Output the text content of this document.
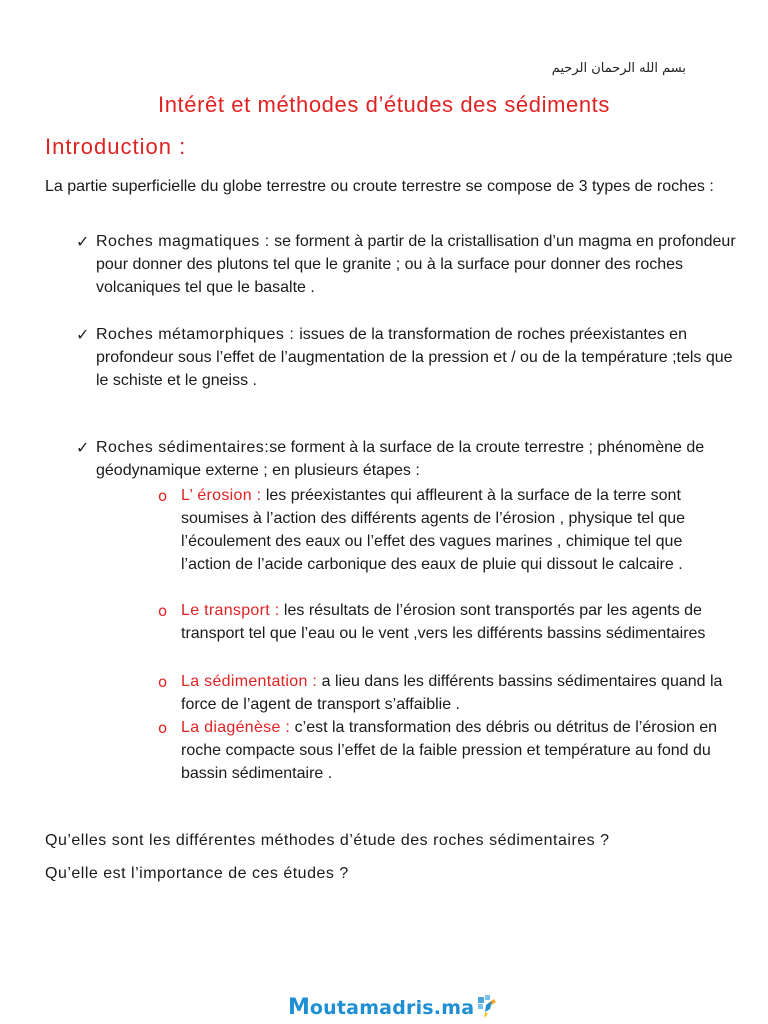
بسم الله الرحمان الرحيم
Intérêt et méthodes d’études des sédiments
Introduction :
La partie superficielle du globe terrestre ou croute terrestre se compose de 3 types de roches :
✓ Roches magmatiques : se forment à partir de la cristallisation d’un magma en profondeur pour donner des plutons tel que le granite ; ou à la surface pour donner des roches volcaniques tel que le basalte .
✓ Roches métamorphiques : issues de la transformation de roches préexistantes en profondeur sous l’effet de l’augmentation de la pression et / ou de la température ;tels que le schiste et le gneiss .
✓ Roches sédimentaires:se forment à la surface de la croute terrestre ; phénomène de géodynamique externe ; en plusieurs étapes :
o L’ érosion : les préexistantes qui affleurent à la surface de la terre sont soumises à l’action des différents agents de l’érosion , physique tel que l’écoulement des eaux ou l’effet des vagues marines , chimique tel que l’action de l’acide carbonique des eaux de pluie qui dissout le calcaire .
o Le transport : les résultats de l’érosion sont transportés par les agents de transport tel que l’eau ou le vent ,vers les différents bassins sédimentaires
o La sédimentation : a lieu dans les différents bassins sédimentaires quand la force de l’agent de transport s’affaiblie .
o La diagénèse : c’est la transformation des débris ou détritus de l’érosion en roche compacte sous l’effet de la faible pression et température au fond du bassin sédimentaire .
Qu’elles sont les différentes méthodes d’étude des roches sédimentaires ?
Qu’elle est l’importance de ces études ?
M outamadris.ma
